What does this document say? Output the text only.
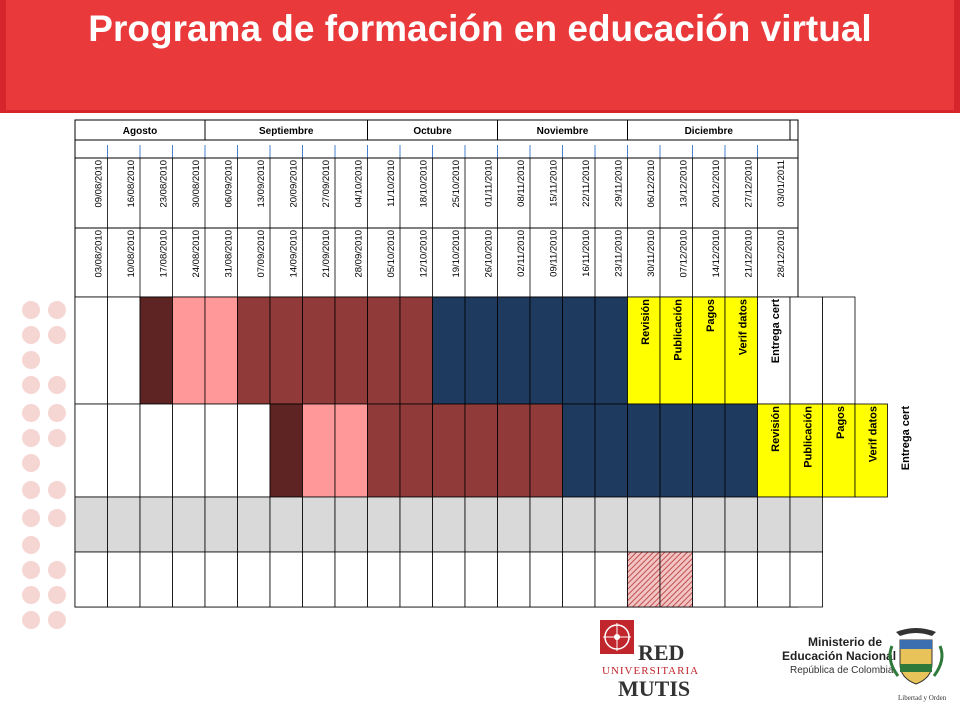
Programa de formación en educación virtual
Agosto	Septiembre	Octubre	Noviembre	Diciembre
09/08/2010 16/08/2010 23/08/2010 30/08/2010 06/09/2010 13/09/2010 20/09/2010 27/09/2010 04/10/2010 11/10/2010 18/10/2010 25/10/2010 01/11/2010 08/11/2010 15/11/2010 22/11/2010 29/11/2010 06/12/2010 13/12/2010 20/12/2010 27/12/2010 03/01/2011
03/08/2010 10/08/2010 17/08/2010 24/08/2010 31/08/2010 07/09/2010 14/09/2010 21/09/2010 28/09/2010 05/10/2010 12/10/2010 19/10/2010 26/10/2010 02/11/2010 09/11/2010 16/11/2010 23/11/2010 30/11/2010 07/12/2010 14/12/2010 21/12/2010 28/12/2010
Revisión Publicación Pagos Verif datos Entrega cert
Revisión Publicación Pagos Verif datos Entrega cert
RED
UNIVERSITARIA
MUTIS
Ministerio de
Educación Nacional
República de Colombia
Libertad y Orden
